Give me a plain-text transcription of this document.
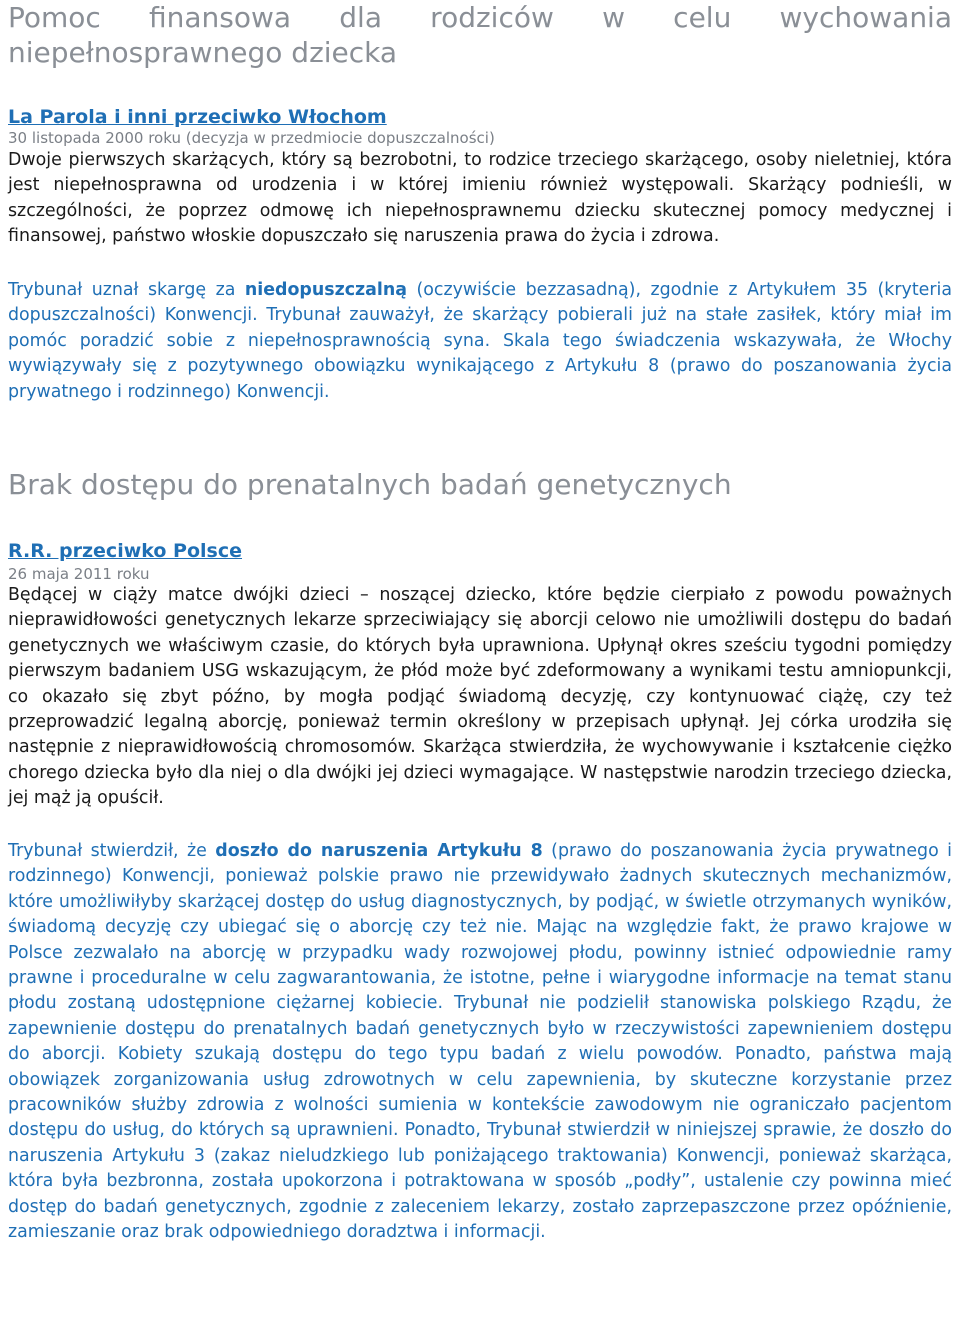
Pomoc finansowa dla rodziców w celu wychowania niepełnosprawnego dziecka
La Parola i inni przeciwko Włochom
30 listopada 2000 roku (decyzja w przedmiocie dopuszczalności)

Dwoje pierwszych skarżących, który są bezrobotni, to rodzice trzeciego skarżącego, osoby nieletniej, która jest niepełnosprawna od urodzenia i w której imieniu również występowali. Skarżący podnieśli, w szczególności, że poprzez odmowę ich niepełnosprawnemu dziecku skutecznej pomocy medycznej i finansowej, państwo włoskie dopuszczało się naruszenia prawa do życia i zdrowa.

Trybunał uznał skargę za niedopuszczalną (oczywiście bezzasadną), zgodnie z Artykułem 35 (kryteria dopuszczalności) Konwencji. Trybunał zauważył, że skarżący pobierali już na stałe zasiłek, który miał im pomóc poradzić sobie z niepełnosprawnością syna. Skala tego świadczenia wskazywała, że Włochy wywiązywały się z pozytywnego obowiązku wynikającego z Artykułu 8 (prawo do poszanowania życia prywatnego i rodzinnego) Konwencji.

Brak dostępu do prenatalnych badań genetycznych
R.R. przeciwko Polsce
26 maja 2011 roku

Będącej w ciąży matce dwójki dzieci – noszącej dziecko, które będzie cierpiało z powodu poważnych nieprawidłowości genetycznych lekarze sprzeciwiający się aborcji celowo nie umożliwili dostępu do badań genetycznych we właściwym czasie, do których była uprawniona. Upłynął okres sześciu tygodni pomiędzy pierwszym badaniem USG wskazującym, że płód może być zdeformowany a wynikami testu amniopunkcji, co okazało się zbyt późno, by mogła podjąć świadomą decyzję, czy kontynuować ciążę, czy też przeprowadzić legalną aborcję, ponieważ termin określony w przepisach upłynął. Jej córka urodziła się następnie z nieprawidłowością chromosomów. Skarżąca stwierdziła, że wychowywanie i kształcenie ciężko chorego dziecka było dla niej o dla dwójki jej dzieci wymagające. W następstwie narodzin trzeciego dziecka, jej mąż ją opuścił.

Trybunał stwierdził, że doszło do naruszenia Artykułu 8 (prawo do poszanowania życia prywatnego i rodzinnego) Konwencji, ponieważ polskie prawo nie przewidywało żadnych skutecznych mechanizmów, które umożliwiłyby skarżącej dostęp do usług diagnostycznych, by podjąć, w świetle otrzymanych wyników, świadomą decyzję czy ubiegać się o aborcję czy też nie. Mając na względzie fakt, że prawo krajowe w Polsce zezwalało na aborcję w przypadku wady rozwojowej płodu, powinny istnieć odpowiednie ramy prawne i proceduralne w celu zagwarantowania, że istotne, pełne i wiarygodne informacje na temat stanu płodu zostaną udostępnione ciężarnej kobiecie. Trybunał nie podzielił stanowiska polskiego Rządu, że zapewnienie dostępu do prenatalnych badań genetycznych było w rzeczywistości zapewnieniem dostępu do aborcji. Kobiety szukają dostępu do tego typu badań z wielu powodów. Ponadto, państwa mają obowiązek zorganizowania usług zdrowotnych w celu zapewnienia, by skuteczne korzystanie przez pracowników służby zdrowia z wolności sumienia w kontekście zawodowym nie ograniczało pacjentom dostępu do usług, do których są uprawnieni. Ponadto, Trybunał stwierdził w niniejszej sprawie, że doszło do naruszenia Artykułu 3 (zakaz nieludzkiego lub poniżającego traktowania) Konwencji, ponieważ skarżąca, która była bezbronna, została upokorzona i potraktowana w sposób „podły”, ustalenie czy powinna mieć dostęp do badań genetycznych, zgodnie z zaleceniem lekarzy, zostało zaprzepaszczone przez opóźnienie, zamieszanie oraz brak odpowiedniego doradztwa i informacji.
